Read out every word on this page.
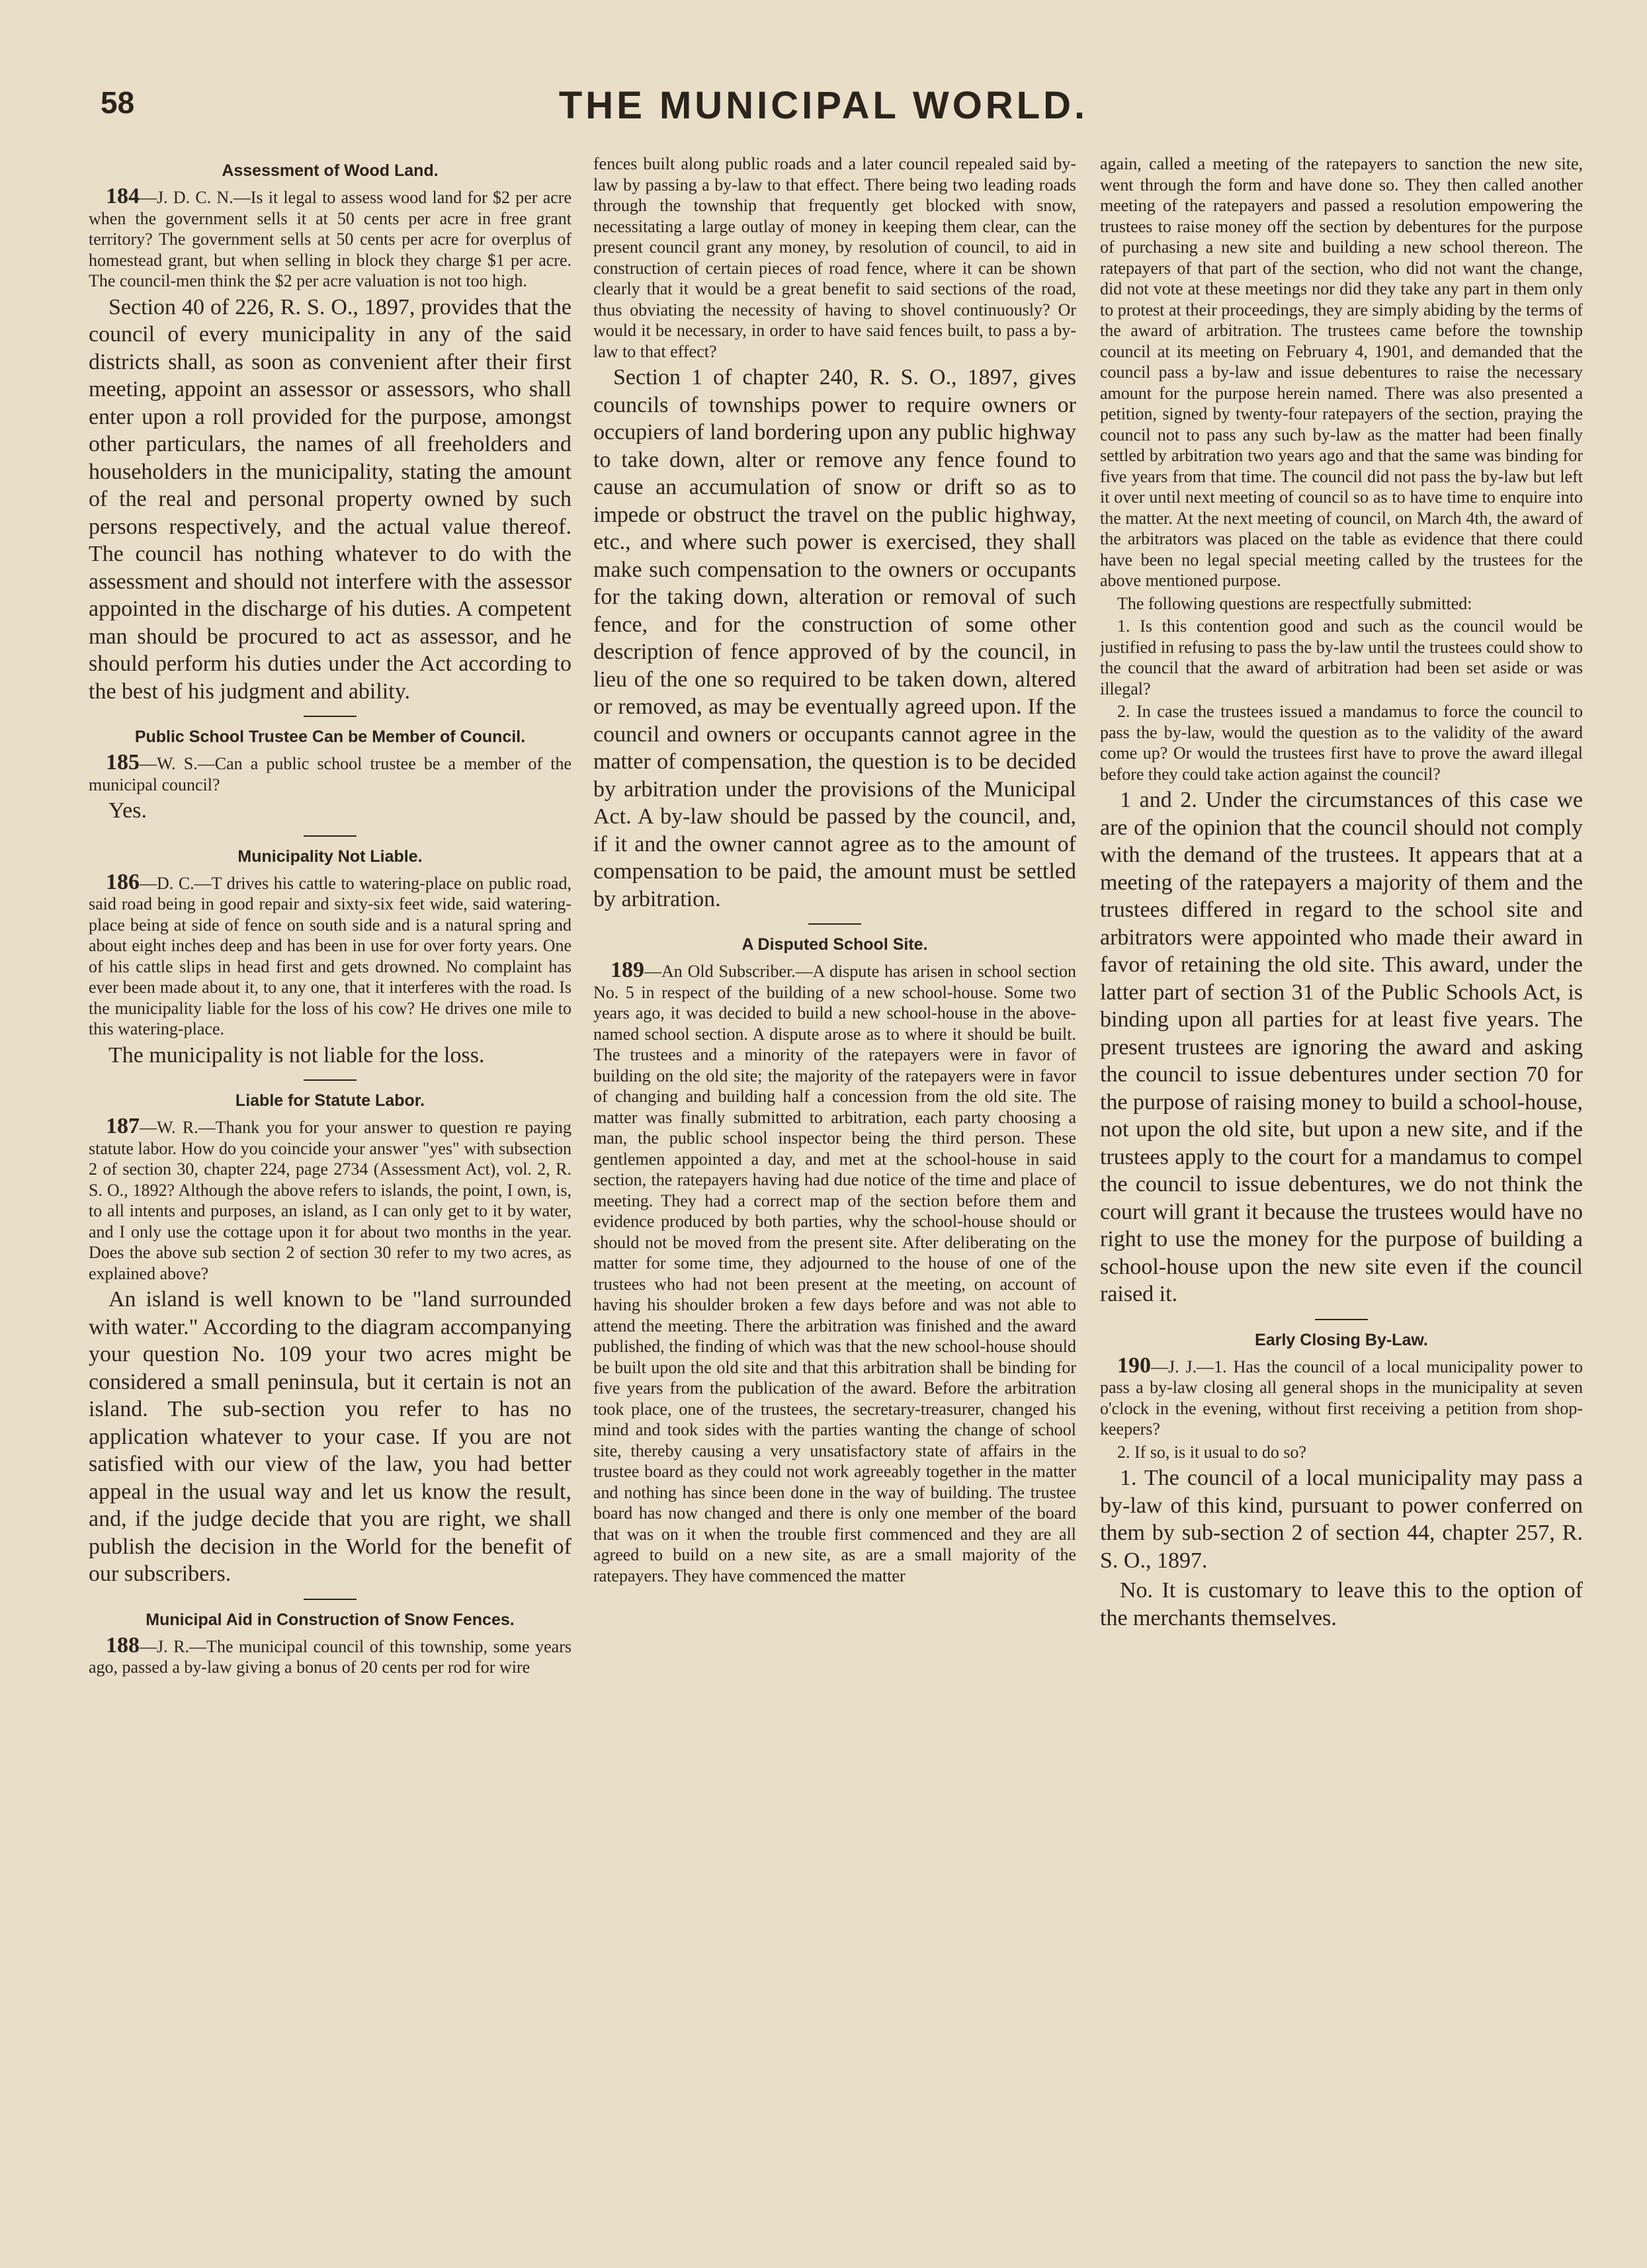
58	THE MUNICIPAL WORLD.
Assessment of Wood Land.

184—J. D. C. N.—Is it legal to assess wood land for $2 per acre when the government sells it at 50 cents per acre in free grant territory? The government sells at 50 cents per acre for overplus of homestead grant, but when selling in block they charge $1 per acre. The council-men think the $2 per acre valuation is not too high.

Section 40 of 226, R. S. O., 1897, provides that the council of every municipality in any of the said districts shall, as soon as convenient after their first meeting, appoint an assessor or assessors, who shall enter upon a roll provided for the purpose, amongst other particulars, the names of all freeholders and householders in the municipality, stating the amount of the real and personal property owned by such persons respectively, and the actual value thereof. The council has nothing whatever to do with the assessment and should not interfere with the assessor appointed in the discharge of his duties. A competent man should be procured to act as assessor, and he should perform his duties under the Act according to the best of his judgment and ability.

Public School Trustee Can be Member of Council.

185—W. S.—Can a public school trustee be a member of the municipal council?

Yes.

Municipality Not Liable.

186—D. C.—T drives his cattle to watering-place on public road, said road being in good repair and sixty-six feet wide, said watering-place being at side of fence on south side and is a natural spring and about eight inches deep and has been in use for over forty years. One of his cattle slips in head first and gets drowned. No complaint has ever been made about it, to any one, that it interferes with the road. Is the municipality liable for the loss of his cow? He drives one mile to this watering-place.

The municipality is not liable for the loss.

Liable for Statute Labor.

187—W. R.—Thank you for your answer to question re paying statute labor. How do you coincide your answer "yes" with subsection 2 of section 30, chapter 224, page 2734 (Assessment Act), vol. 2, R. S. O., 1892? Although the above refers to islands, the point, I own, is, to all intents and purposes, an island, as I can only get to it by water, and I only use the cottage upon it for about two months in the year. Does the above sub section 2 of section 30 refer to my two acres, as explained above?

An island is well known to be "land surrounded with water." According to the diagram accompanying your question No. 109 your two acres might be considered a small peninsula, but it certain is not an island. The sub-section you refer to has no application whatever to your case. If you are not satisfied with our view of the law, you had better appeal in the usual way and let us know the result, and, if the judge decide that you are right, we shall publish the decision in the World for the benefit of our subscribers.

Municipal Aid in Construction of Snow Fences.

188—J. R.—The municipal council of this township, some years ago, passed a by-law giving a bonus of 20 cents per rod for wire

fences built along public roads and a later council repealed said by-law by passing a by-law to that effect. There being two leading roads through the township that frequently get blocked with snow, necessitating a large outlay of money in keeping them clear, can the present council grant any money, by resolution of council, to aid in construction of certain pieces of road fence, where it can be shown clearly that it would be a great benefit to said sections of the road, thus obviating the necessity of having to shovel continuously? Or would it be necessary, in order to have said fences built, to pass a by-law to that effect?

Section 1 of chapter 240, R. S. O., 1897, gives councils of townships power to require owners or occupiers of land bordering upon any public highway to take down, alter or remove any fence found to cause an accumulation of snow or drift so as to impede or obstruct the travel on the public highway, etc., and where such power is exercised, they shall make such compensation to the owners or occupants for the taking down, alteration or removal of such fence, and for the construction of some other description of fence approved of by the council, in lieu of the one so required to be taken down, altered or removed, as may be eventually agreed upon. If the council and owners or occupants cannot agree in the matter of compensation, the question is to be decided by arbitration under the provisions of the Municipal Act. A by-law should be passed by the council, and, if it and the owner cannot agree as to the amount of compensation to be paid, the amount must be settled by arbitration.

A Disputed School Site.

189—An Old Subscriber.—A dispute has arisen in school section No. 5 in respect of the building of a new school-house. Some two years ago, it was decided to build a new school-house in the above-named school section. A dispute arose as to where it should be built. The trustees and a minority of the ratepayers were in favor of building on the old site; the majority of the ratepayers were in favor of changing and building half a concession from the old site. The matter was finally submitted to arbitration, each party choosing a man, the public school inspector being the third person. These gentlemen appointed a day, and met at the school-house in said section, the ratepayers having had due notice of the time and place of meeting. They had a correct map of the section before them and evidence produced by both parties, why the school-house should or should not be moved from the present site. After deliberating on the matter for some time, they adjourned to the house of one of the trustees who had not been present at the meeting, on account of having his shoulder broken a few days before and was not able to attend the meeting. There the arbitration was finished and the award published, the finding of which was that the new school-house should be built upon the old site and that this arbitration shall be binding for five years from the publication of the award. Before the arbitration took place, one of the trustees, the secretary-treasurer, changed his mind and took sides with the parties wanting the change of school site, thereby causing a very unsatisfactory state of affairs in the trustee board as they could not work agreeably together in the matter and nothing has since been done in the way of building. The trustee board has now changed and there is only one member of the board that was on it when the trouble first commenced and they are all agreed to build on a new site, as are a small majority of the ratepayers. They have commenced the matter

again, called a meeting of the ratepayers to sanction the new site, went through the form and have done so. They then called another meeting of the ratepayers and passed a resolution empowering the trustees to raise money off the section by debentures for the purpose of purchasing a new site and building a new school thereon. The ratepayers of that part of the section, who did not want the change, did not vote at these meetings nor did they take any part in them only to protest at their proceedings, they are simply abiding by the terms of the award of arbitration. The trustees came before the township council at its meeting on February 4, 1901, and demanded that the council pass a by-law and issue debentures to raise the necessary amount for the purpose herein named. There was also presented a petition, signed by twenty-four ratepayers of the section, praying the council not to pass any such by-law as the matter had been finally settled by arbitration two years ago and that the same was binding for five years from that time. The council did not pass the by-law but left it over until next meeting of council so as to have time to enquire into the matter. At the next meeting of council, on March 4th, the award of the arbitrators was placed on the table as evidence that there could have been no legal special meeting called by the trustees for the above mentioned purpose.

The following questions are respectfully submitted:

1. Is this contention good and such as the council would be justified in refusing to pass the by-law until the trustees could show to the council that the award of arbitration had been set aside or was illegal?

2. In case the trustees issued a mandamus to force the council to pass the by-law, would the question as to the validity of the award come up? Or would the trustees first have to prove the award illegal before they could take action against the council?

1 and 2. Under the circumstances of this case we are of the opinion that the council should not comply with the demand of the trustees. It appears that at a meeting of the ratepayers a majority of them and the trustees differed in regard to the school site and arbitrators were appointed who made their award in favor of retaining the old site. This award, under the latter part of section 31 of the Public Schools Act, is binding upon all parties for at least five years. The present trustees are ignoring the award and asking the council to issue debentures under section 70 for the purpose of raising money to build a school-house, not upon the old site, but upon a new site, and if the trustees apply to the court for a mandamus to compel the council to issue debentures, we do not think the court will grant it because the trustees would have no right to use the money for the purpose of building a school-house upon the new site even if the council raised it.

Early Closing By-Law.

190—J. J.—1. Has the council of a local municipality power to pass a by-law closing all general shops in the municipality at seven o'clock in the evening, without first receiving a petition from shop-keepers?

2. If so, is it usual to do so?

1. The council of a local municipality may pass a by-law of this kind, pursuant to power conferred on them by sub-section 2 of section 44, chapter 257, R. S. O., 1897.

No. It is customary to leave this to the option of the merchants themselves.
